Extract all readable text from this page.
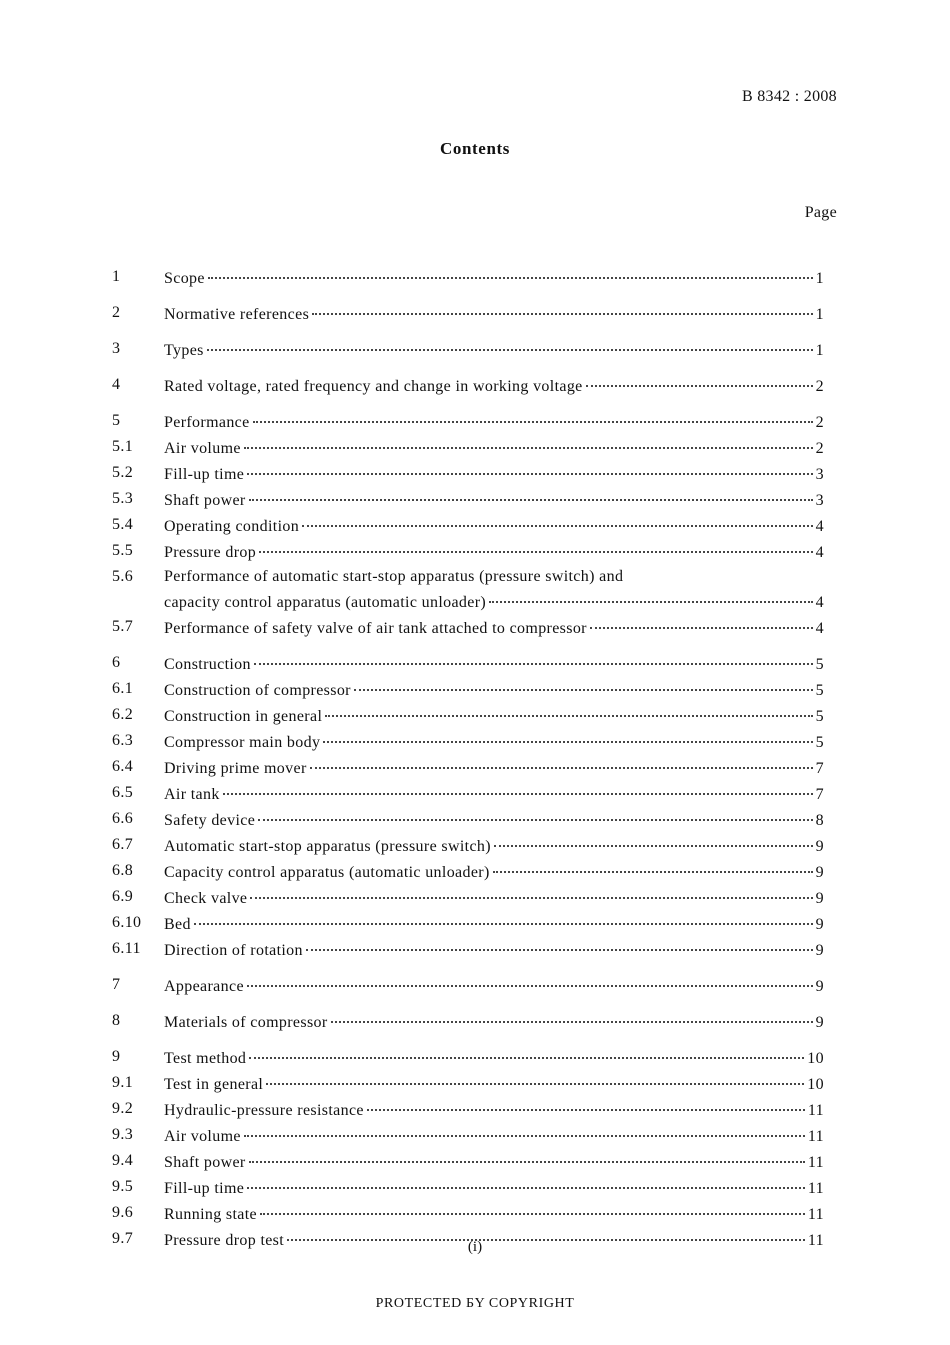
B 8342 : 2008
Contents
Page
1	Scope	1
2	Normative references	1
3	Types	1
4	Rated voltage, rated frequency and change in working voltage	2
5	Performance	2
5.1	Air volume	2
5.2	Fill-up time	3
5.3	Shaft power	3
5.4	Operating condition	4
5.5	Pressure drop	4
5.6	Performance of automatic start-stop apparatus (pressure switch) and
capacity control apparatus (automatic unloader)	4
5.7	Performance of safety valve of air tank attached to compressor	4
6	Construction	5
6.1	Construction of compressor	5
6.2	Construction in general	5
6.3	Compressor main body	5
6.4	Driving prime mover	7
6.5	Air tank	7
6.6	Safety device	8
6.7	Automatic start-stop apparatus (pressure switch)	9
6.8	Capacity control apparatus (automatic unloader)	9
6.9	Check valve	9
6.10	Bed	9
6.11	Direction of rotation	9
7	Appearance	9
8	Materials of compressor	9
9	Test method	10
9.1	Test in general	10
9.2	Hydraulic-pressure resistance	11
9.3	Air volume	11
9.4	Shaft power	11
9.5	Fill-up time	11
9.6	Running state	11
9.7	Pressure drop test	11
(i)
PROTECTED БY COPYRIGHT
